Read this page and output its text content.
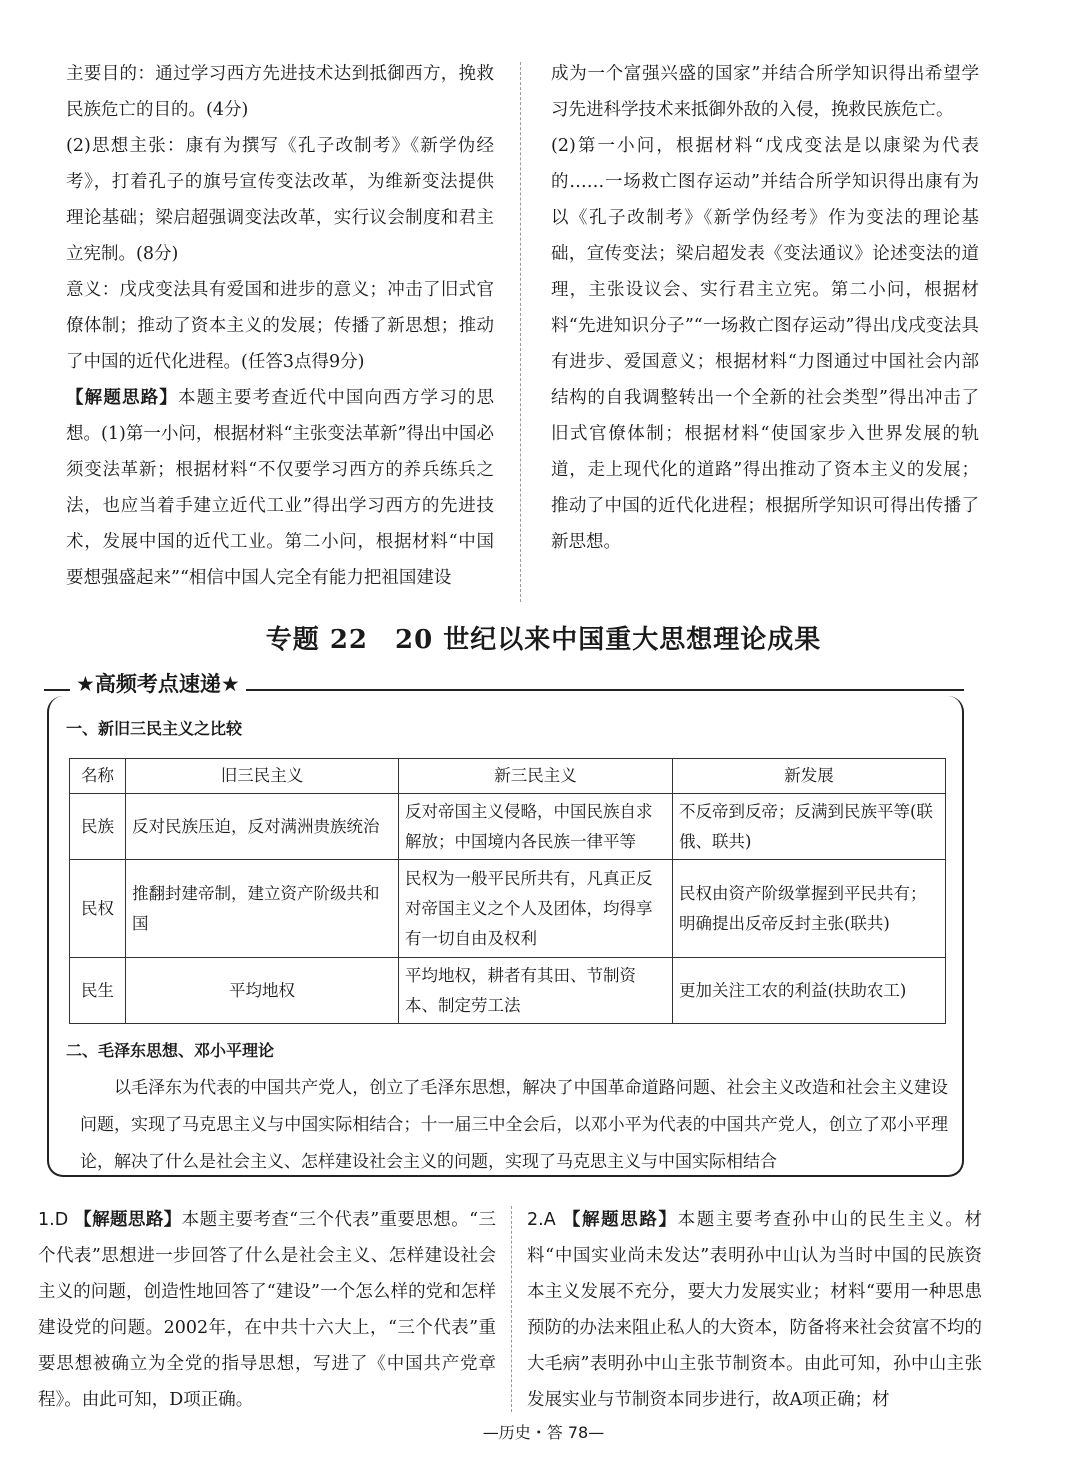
主要目的：通过学习西方先进技术达到抵御西方，挽救民族危亡的目的。(4分)

(2)思想主张：康有为撰写《孔子改制考》《新学伪经考》，打着孔子的旗号宣传变法改革，为维新变法提供理论基础；梁启超强调变法改革，实行议会制度和君主立宪制。(8分)

意义：戊戌变法具有爱国和进步的意义；冲击了旧式官僚体制；推动了资本主义的发展；传播了新思想；推动了中国的近代化进程。(任答3点得9分)

【解题思路】本题主要考查近代中国向西方学习的思想。(1)第一小问，根据材料“主张变法革新”得出中国必须变法革新；根据材料“不仅要学习西方的养兵练兵之法，也应当着手建立近代工业”得出学习西方的先进技术，发展中国的近代工业。第二小问，根据材料“中国要想强盛起来”“相信中国人完全有能力把祖国建设

成为一个富强兴盛的国家”并结合所学知识得出希望学习先进科学技术来抵御外敌的入侵，挽救民族危亡。

(2)第一小问，根据材料“戊戌变法是以康梁为代表的……一场救亡图存运动”并结合所学知识得出康有为以《孔子改制考》《新学伪经考》作为变法的理论基础，宣传变法；梁启超发表《变法通议》论述变法的道理，主张设议会、实行君主立宪。第二小问，根据材料“先进知识分子”“一场救亡图存运动”得出戊戌变法具有进步、爱国意义；根据材料“力图通过中国社会内部结构的自我调整转出一个全新的社会类型”得出冲击了旧式官僚体制；根据材料“使国家步入世界发展的轨道，走上现代化的道路”得出推动了资本主义的发展；推动了中国的近代化进程；根据所学知识可得出传播了新思想。

专题 22　20 世纪以来中国重大思想理论成果
★高频考点速递★
一、新旧三民主义之比较
名称	旧三民主义	新三民主义	新发展
民族	反对民族压迫，反对满洲贵族统治	反对帝国主义侵略，中国民族自求解放；中国境内各民族一律平等	不反帝到反帝；反满到民族平等(联俄、联共)
民权	推翻封建帝制，建立资产阶级共和国	民权为一般平民所共有，凡真正反对帝国主义之个人及团体，均得享有一切自由及权利	民权由资产阶级掌握到平民共有；明确提出反帝反封主张(联共)
民生	平均地权	平均地权，耕者有其田、节制资本、制定劳工法	更加关注工农的利益(扶助农工)
二、毛泽东思想、邓小平理论

以毛泽东为代表的中国共产党人，创立了毛泽东思想，解决了中国革命道路问题、社会主义改造和社会主义建设问题，实现了马克思主义与中国实际相结合；十一届三中全会后，以邓小平为代表的中国共产党人，创立了邓小平理论，解决了什么是社会主义、怎样建设社会主义的问题，实现了马克思主义与中国实际相结合

1.D 【解题思路】本题主要考查“三个代表”重要思想。“三个代表”思想进一步回答了什么是社会主义、怎样建设社会主义的问题，创造性地回答了“建设”一个怎么样的党和怎样建设党的问题。2002年，在中共十六大上，“三个代表”重要思想被确立为全党的指导思想，写进了《中国共产党章程》。由此可知，D项正确。

2.A 【解题思路】本题主要考查孙中山的民生主义。材料“中国实业尚未发达”表明孙中山认为当时中国的民族资本主义发展不充分，要大力发展实业；材料“要用一种思患预防的办法来阻止私人的大资本，防备将来社会贫富不均的大毛病”表明孙中山主张节制资本。由此可知，孙中山主张发展实业与节制资本同步进行，故A项正确；材

—历史・答 78—
